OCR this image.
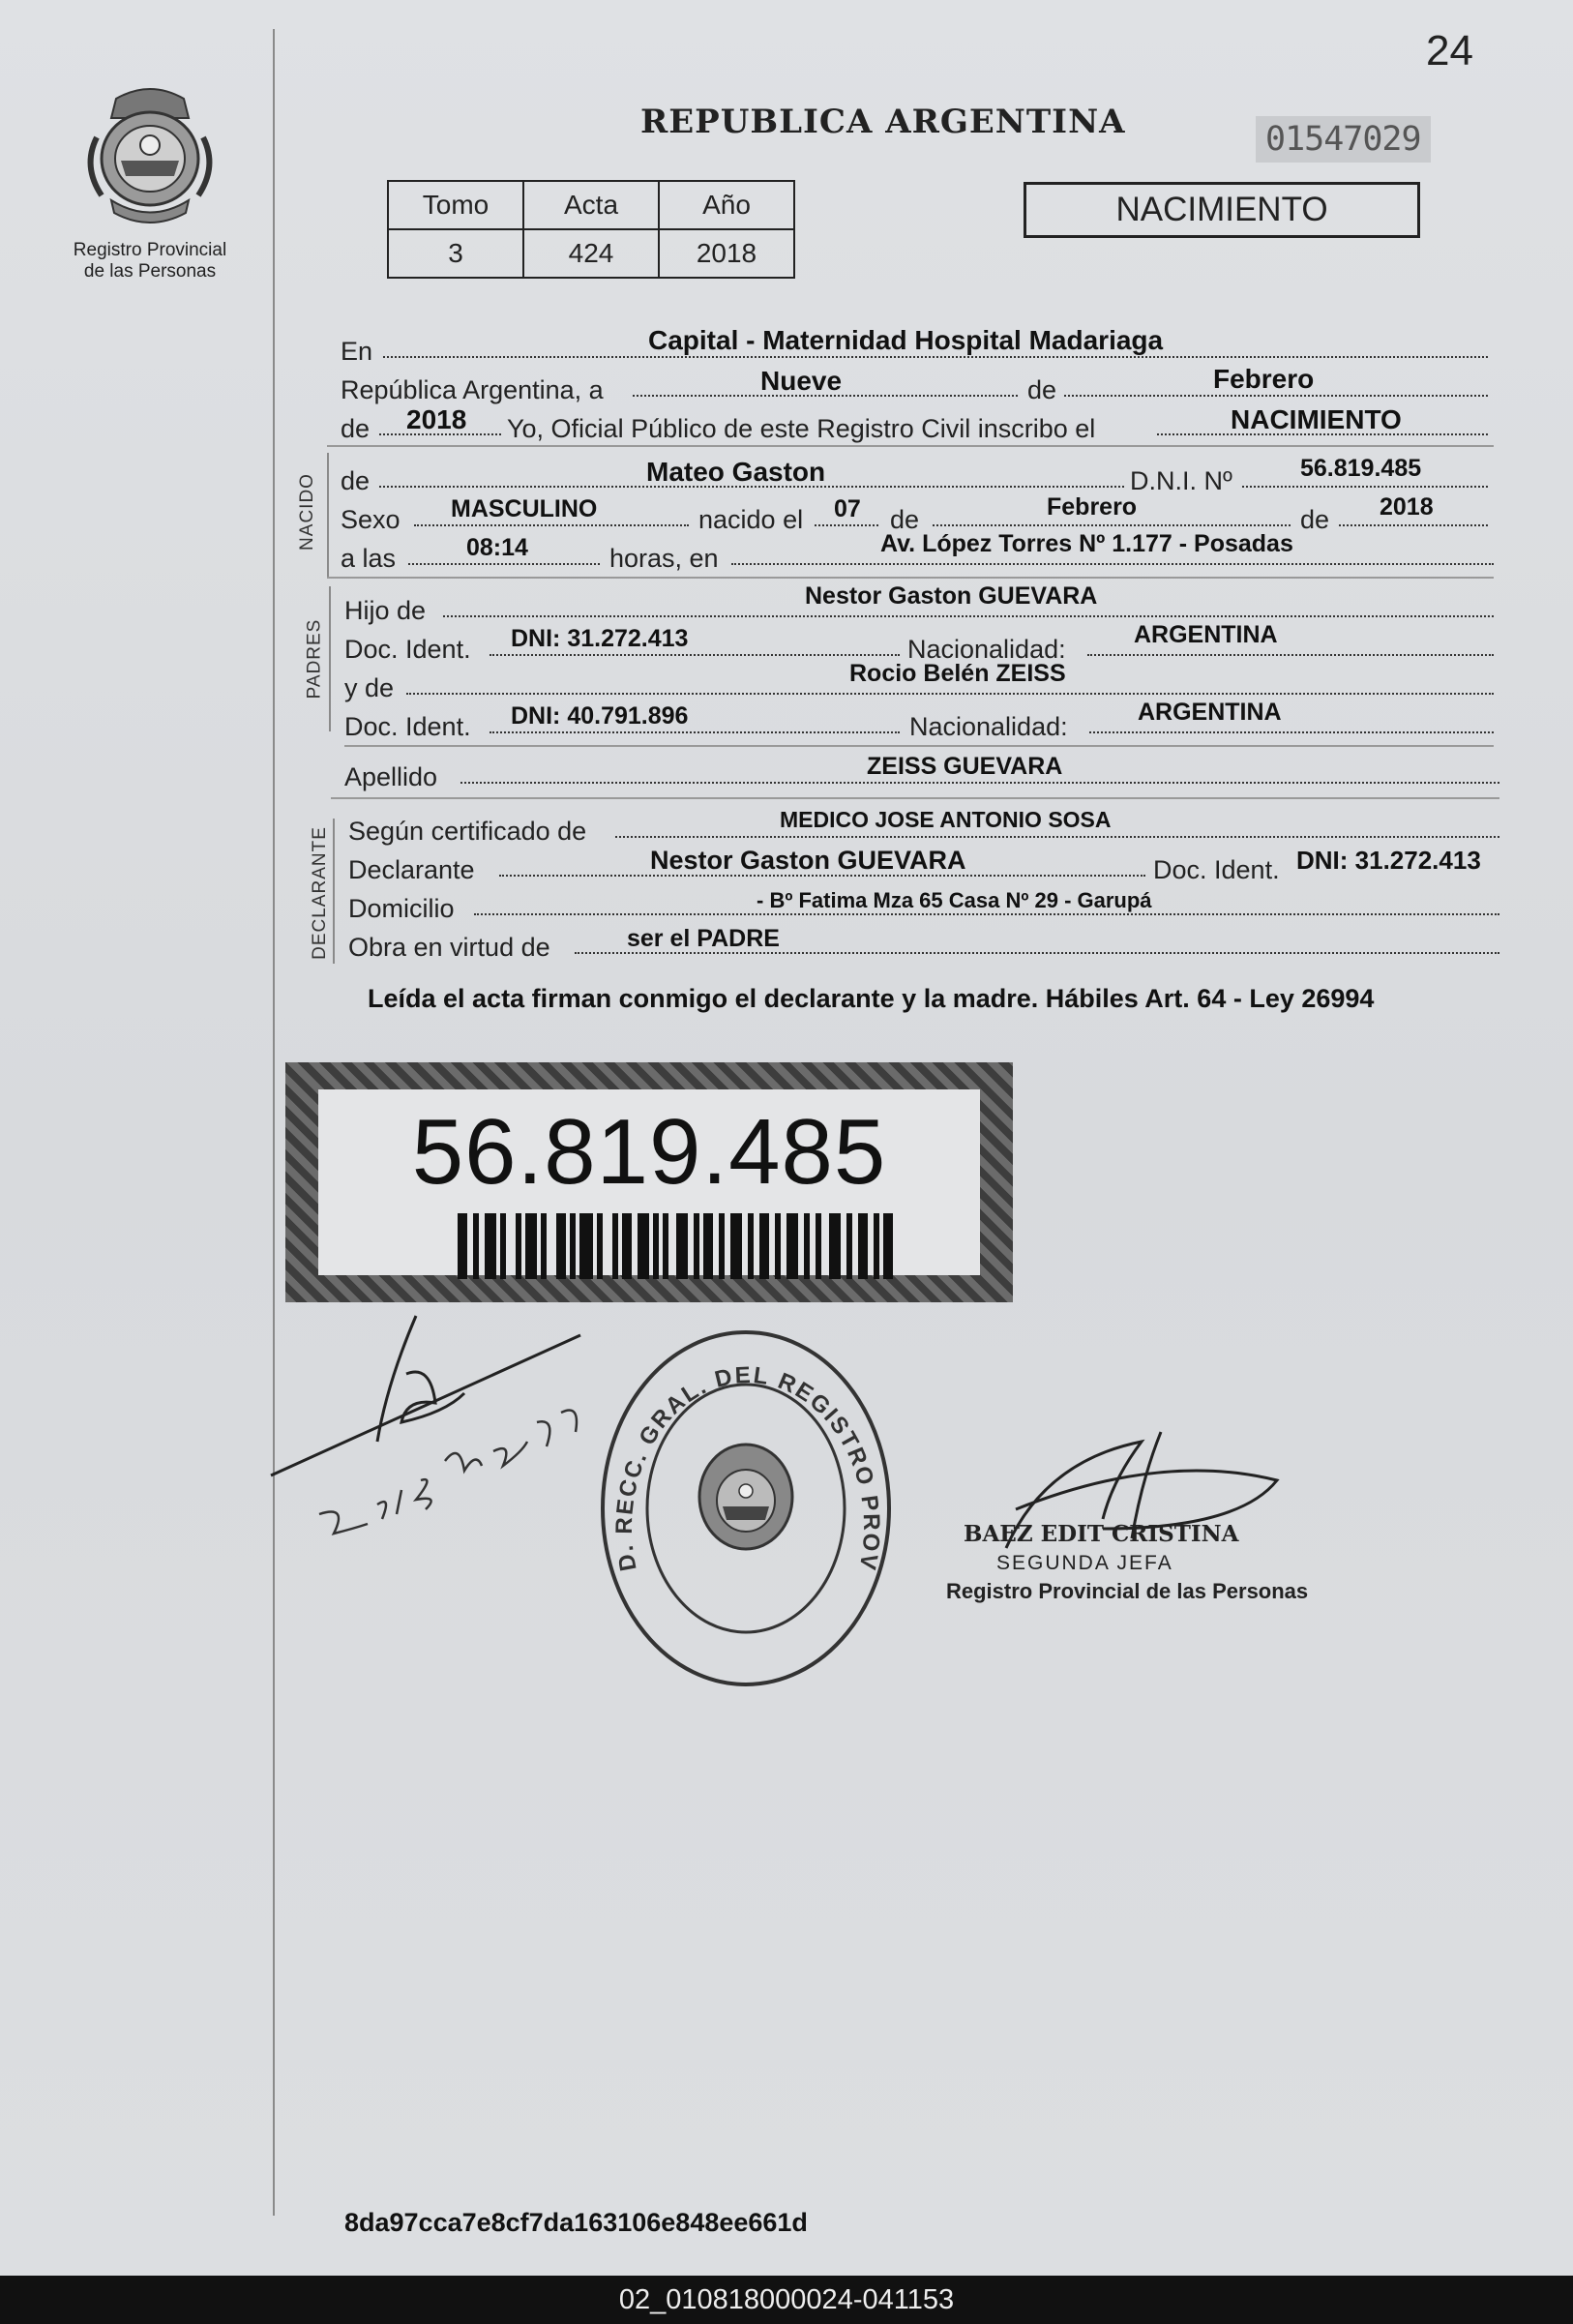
24
Registro Provincial
de las Personas
REPUBLICA ARGENTINA	01547029
Tomo	Acta	Año
3	424	2018
NACIMIENTO
En	Capital - Maternidad Hospital Madariaga
República Argentina, a	Nueve	de	Febrero
de 2018 Yo, Oficial Público de este Registro Civil inscribo el	NACIMIENTO
NACIDO de	Mateo Gaston	D.N.I. Nº	56.819.485
Sexo MASCULINO	nacido el 07 de	Febrero	de 2018
a las	08:14	horas, en	Av. López Torres Nº 1.177 - Posadas
PADRES
Hijo de	Nestor Gaston GUEVARA
Doc. Ident. DNI: 31.272.413	Nacionalidad:	ARGENTINA
y de	Rocio Belén ZEISS
Doc. Ident. DNI: 40.791.896	Nacionalidad:	ARGENTINA
Apellido	ZEISS GUEVARA
DECLARANTE Según certificado de	MEDICO JOSE ANTONIO SOSA
Declarante	Nestor Gaston GUEVARA	Doc. Ident. DNI: 31.272.413
Domicilio	- Bº Fatima Mza 65 Casa Nº 29 - Garupá
Obra en virtud de	ser el PADRE
Leída el acta firman conmigo el declarante y la madre. Hábiles Art. 64 - Ley 26994
56.819.485
D. RECC. GRAL. DEL REGISTRO PROV
BAEZ EDIT CRISTINA
SEGUNDA JEFA
Registro Provincial de las Personas
8da97cca7e8cf7da163106e848ee661d
02_010818000024-041153
